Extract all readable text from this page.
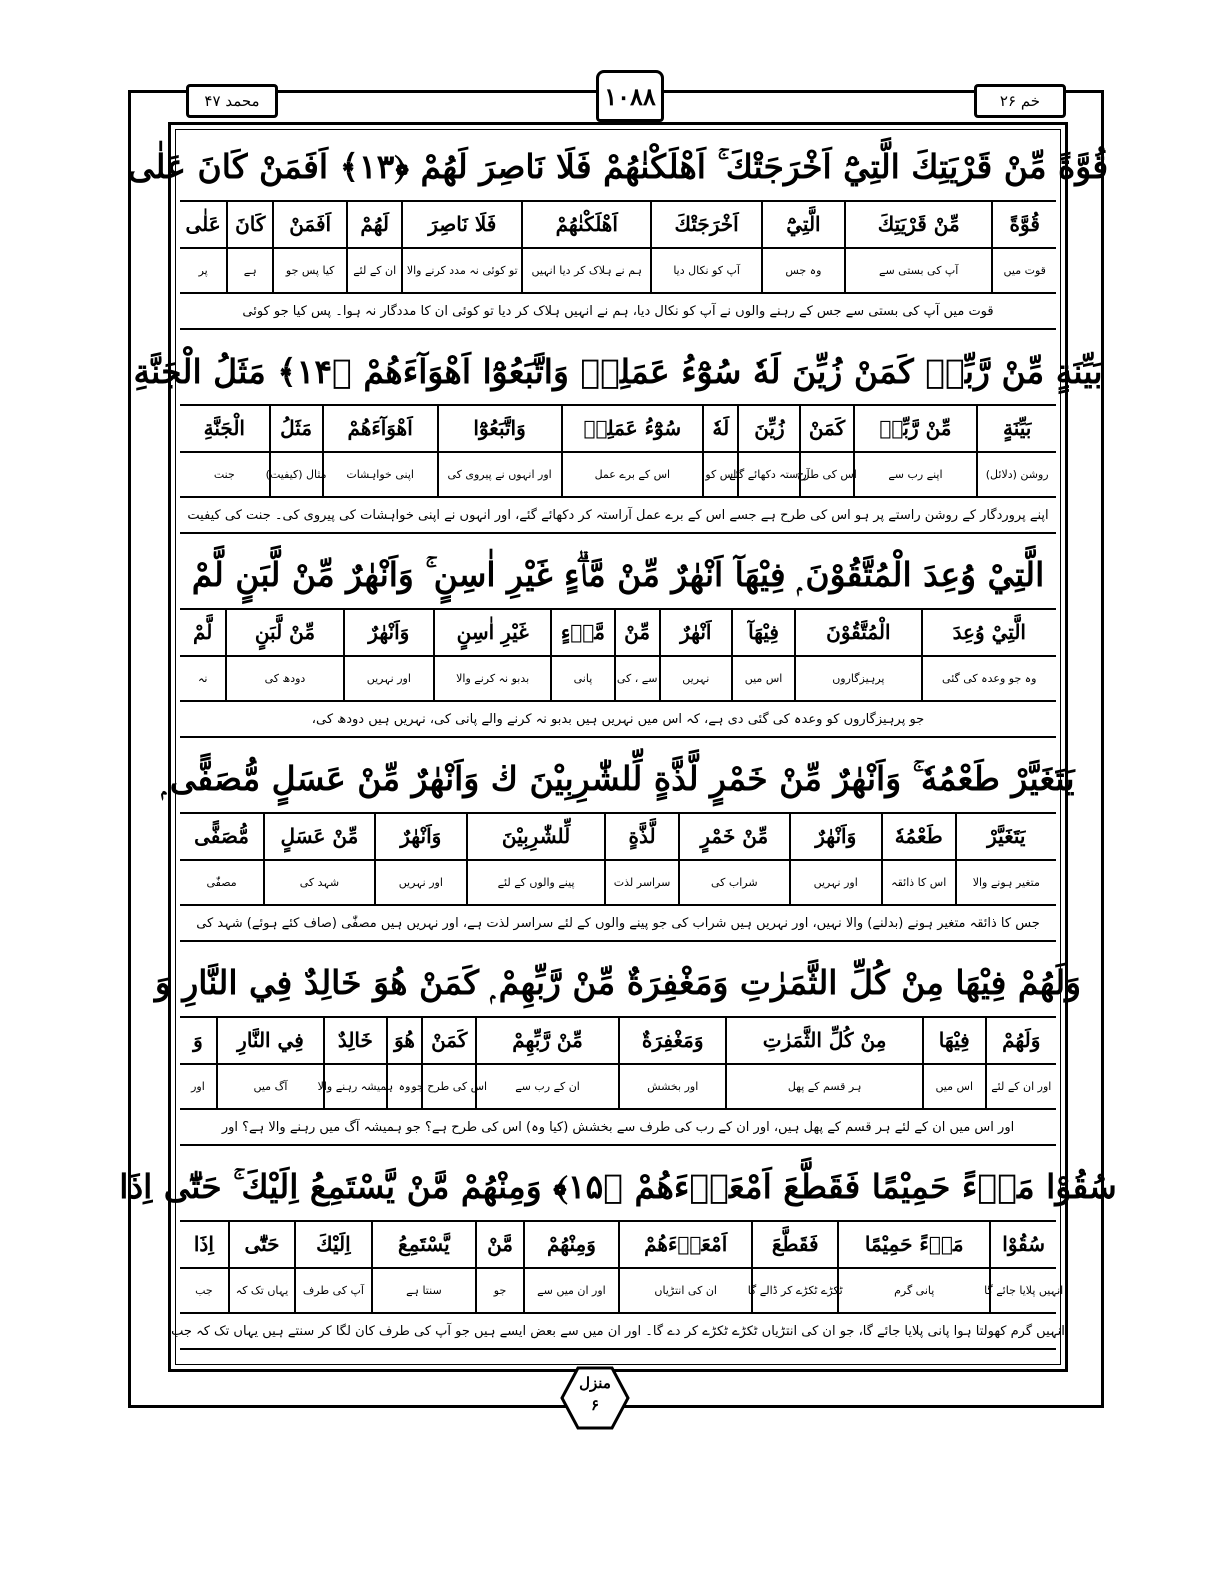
محمد ۴۷	۱۰۸۸	خم ۲۶
قُوَّةً مِّنْ قَرْيَتِكَ الَّتِيْٓ اَخْرَجَتْكَ ۚ اَهْلَكْنٰهُمْ فَلَا نَاصِرَ لَهُمْ ﴿۱۳﴾ اَفَمَنْ كَانَ عَلٰى
قُوَّةً
قوت میں
مِّنْ قَرْيَتِكَ
آپ کی بستی سے
الَّتِيْٓ
وہ جس
اَخْرَجَتْكَ
آپ کو نکال دیا
اَهْلَكْنٰهُمْ
ہم نے ہلاک کر دیا انہیں
فَلَا نَاصِرَ
تو کوئی نہ مدد کرنے والا
لَهُمْ
ان کے لئے
اَفَمَنْ
کیا پس جو
كَانَ
ہے
عَلٰى
پر
قوت میں آپ کی بستی سے جس کے رہنے والوں نے آپ کو نکال دیا، ہم نے انہیں ہلاک کر دیا تو کوئی ان کا مددگار نہ ہوا۔ پس کیا جو کوئی
بَيِّنَةٍ مِّنْ رَّبِّهٖ كَمَنْ زُيِّنَ لَهٗ سُوْٓءُ عَمَلِهٖ وَاتَّبَعُوْٓا اَهْوَآءَهُمْ ﴿۱۴﴾ مَثَلُ الْجَنَّةِ
بَيِّنَةٍ
روشن (دلائل)
مِّنْ رَّبِّهٖ
اپنے رب سے
كَمَنْ
اس کی طرح
زُيِّنَ
آراستہ دکھائے گئے
لَهٗ
اس کو
سُوْٓءُ عَمَلِهٖ
اس کے برے عمل
وَاتَّبَعُوْٓا
اور انہوں نے پیروی کی
اَهْوَآءَهُمْ
اپنی خواہشات
مَثَلُ
مثال (کیفیت)
الْجَنَّةِ
جنت
اپنے پروردگار کے روشن راستے پر ہو اس کی طرح ہے جسے اس کے برے عمل آراستہ کر دکھائے گئے، اور انہوں نے اپنی خواہشات کی پیروی کی۔ جنت کی کیفیت
الَّتِيْ وُعِدَ الْمُتَّقُوْنَ ۭ فِيْهَآ اَنْهٰرٌ مِّنْ مَّاۗءٍ غَيْرِ اٰسِنٍ ۚ وَاَنْهٰرٌ مِّنْ لَّبَنٍ لَّمْ
الَّتِيْ وُعِدَ
وہ جو وعدہ کی گئی
الْمُتَّقُوْنَ
پرہیزگاروں
فِيْهَآ
اس میں
اَنْهٰرٌ
نہریں
مِّنْ
سے ، کی
مَّاۗءٍ
پانی
غَيْرِ اٰسِنٍ
بدبو نہ کرنے والا
وَاَنْهٰرٌ
اور نہریں
مِّنْ لَّبَنٍ
دودھ کی
لَّمْ
نہ
جو پرہیزگاروں کو وعدہ کی گئی دی ہے، کہ اس میں نہریں ہیں بدبو نہ کرنے والے پانی کی، نہریں ہیں دودھ کی،
يَتَغَيَّرْ طَعْمُهٗ ۚ وَاَنْهٰرٌ مِّنْ خَمْرٍ لَّذَّةٍ لِّلشّٰرِبِيْنَ ڬ وَاَنْهٰرٌ مِّنْ عَسَلٍ مُّصَفًّى ۭ
يَتَغَيَّرْ
متغیر ہونے والا
طَعْمُهٗ
اس کا ذائقہ
وَاَنْهٰرٌ
اور نہریں
مِّنْ خَمْرٍ
شراب کی
لَّذَّةٍ
سراسر لذت
لِّلشّٰرِبِيْنَ
پینے والوں کے لئے
وَاَنْهٰرٌ
اور نہریں
مِّنْ عَسَلٍ
شہد کی
مُّصَفًّى
مصفّٰی
جس کا ذائقہ متغیر ہونے (بدلنے) والا نہیں، اور نہریں ہیں شراب کی جو پینے والوں کے لئے سراسر لذت ہے، اور نہریں ہیں مصفّٰی (صاف کئے ہوئے) شہد کی
وَلَهُمْ فِيْهَا مِنْ كُلِّ الثَّمَرٰتِ وَمَغْفِرَةٌ مِّنْ رَّبِّهِمْ ۭ كَمَنْ هُوَ خَالِدٌ فِي النَّارِ وَ
وَلَهُمْ
اور ان کے لئے
فِيْهَا
اس میں
مِنْ كُلِّ الثَّمَرٰتِ
ہر قسم کے پھل
وَمَغْفِرَةٌ
اور بخشش
مِّنْ رَّبِّهِمْ
ان کے رب سے
كَمَنْ
اس کی طرح جو
هُوَ
وہ
خَالِدٌ
ہمیشہ رہنے والا
فِي النَّارِ
آگ میں
وَ
اور
اور اس میں ان کے لئے ہر قسم کے پھل ہیں، اور ان کے رب کی طرف سے بخشش (کیا وہ) اس کی طرح ہے؟ جو ہمیشہ آگ میں رہنے والا ہے؟ اور
سُقُوْا مَاۗءً حَمِيْمًا فَقَطَّعَ اَمْعَاۗءَهُمْ ﴿۱۵﴾ وَمِنْهُمْ مَّنْ يَّسْتَمِعُ اِلَيْكَ ۚ حَتّٰٓى اِذَا
سُقُوْا
انہیں پلایا جائے گا
مَاۗءً حَمِيْمًا
پانی گرم
فَقَطَّعَ
ٹکڑے ٹکڑے کر ڈالے گا
اَمْعَاۗءَهُمْ
ان کی انتڑیاں
وَمِنْهُمْ
اور ان میں سے
مَّنْ
جو
يَّسْتَمِعُ
سنتا ہے
اِلَيْكَ
آپ کی طرف
حَتّٰٓى
یہاں تک کہ
اِذَا
جب
انہیں گرم کھولتا ہوا پانی پلایا جائے گا، جو ان کی انتڑیاں ٹکڑے ٹکڑے کر دے گا۔ اور ان میں سے بعض ایسے ہیں جو آپ کی طرف کان لگا کر سنتے ہیں یہاں تک کہ جب
منزل
۶
